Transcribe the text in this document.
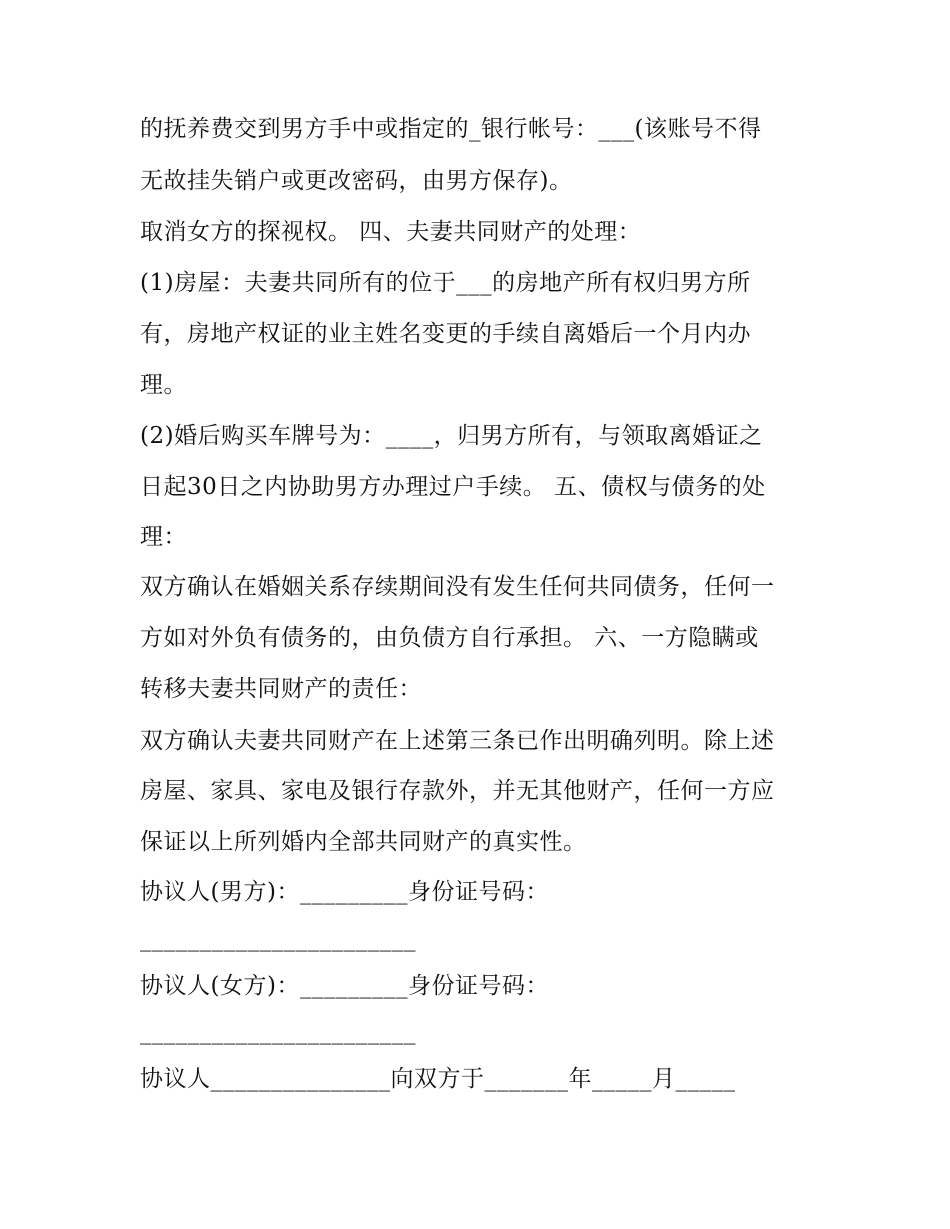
的抚养费交到男方手中或指定的_银行帐号：___(该账号不得
无故挂失销户或更改密码，由男方保存)。
取消女方的探视权。 四、夫妻共同财产的处理：
(1)房屋：夫妻共同所有的位于___的房地产所有权归男方所
有，房地产权证的业主姓名变更的手续自离婚后一个月内办
理。
(2)婚后购买车牌号为：____，归男方所有，与领取离婚证之
日起30日之内协助男方办理过户手续。 五、债权与债务的处
理：
双方确认在婚姻关系存续期间没有发生任何共同债务，任何一
方如对外负有债务的，由负债方自行承担。 六、一方隐瞒或
转移夫妻共同财产的责任：
双方确认夫妻共同财产在上述第三条已作出明确列明。除上述
房屋、家具、家电及银行存款外，并无其他财产，任何一方应
保证以上所列婚内全部共同财产的真实性。
协议人(男方)：_________身份证号码：
_______________________
协议人(女方)：_________身份证号码：
_______________________
协议人_______________向双方于_______年_____月_____
